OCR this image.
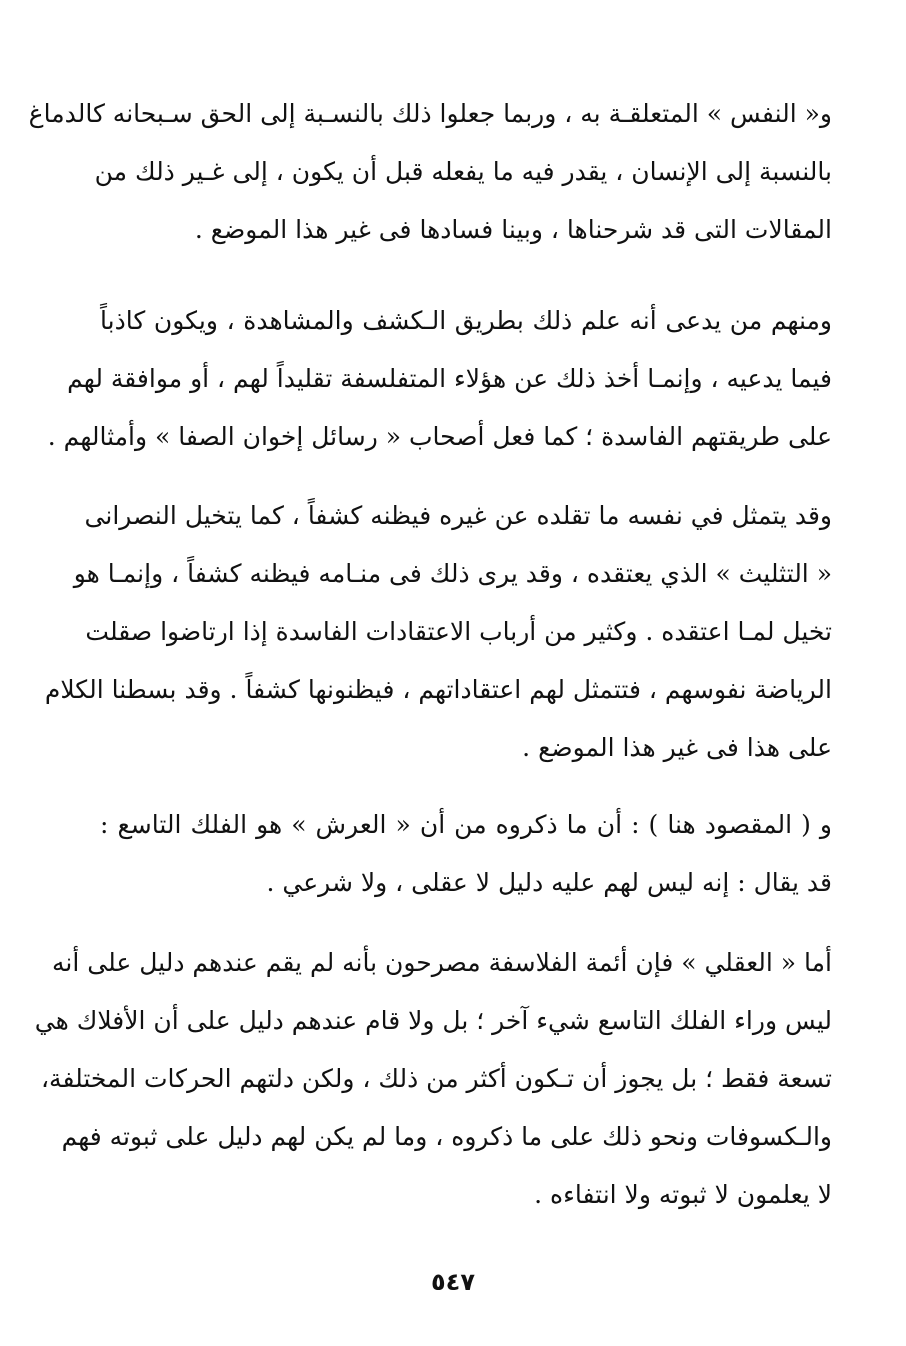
و« النفس » المتعلقـة به ، وربما جعلوا ذلك بالنسـبة إلى الحق سـبحانه كالدماغ
بالنسبة إلى الإنسان ، يقدر فيه ما يفعله قبل أن يكون ، إلى غـير ذلك من
المقالات التى قد شرحناها ، وبينا فسادها فى غير هذا الموضع .
ومنهم من يدعى أنه علم ذلك بطريق الـكشف والمشاهدة ، ويكون كاذباً
فيما يدعيه ، وإنمـا أخذ ذلك عن هؤلاء المتفلسفة تقليداً لهم ، أو موافقة لهم
على طريقتهم الفاسدة ؛ كما فعل أصحاب « رسائل إخوان الصفا » وأمثالهم .
وقد يتمثل في نفسه ما تقلده عن غيره فيظنه كشفاً ، كما يتخيل النصرانى
« التثليث » الذي يعتقده ، وقد يرى ذلك فى منـامه فيظنه كشفاً ، وإنمـا هو
تخيل لمـا اعتقده . وكثير من أرباب الاعتقادات الفاسدة إذا ارتاضوا صقلت
الرياضة نفوسهم ، فتتمثل لهم اعتقاداتهم ، فيظنونها كشفاً . وقد بسطنا الكلام
على هذا فى غير هذا الموضع .
و ( المقصود هنا ) : أن ما ذكروه من أن « العرش » هو الفلك التاسع :
قد يقال : إنه ليس لهم عليه دليل لا عقلى ، ولا شرعي .
أما « العقلي » فإن أئمة الفلاسفة مصرحون بأنه لم يقم عندهم دليل على أنه
ليس وراء الفلك التاسع شيء آخر ؛ بل ولا قام عندهم دليل على أن الأفلاك هي
تسعة فقط ؛ بل يجوز أن تـكون أكثر من ذلك ، ولكن دلتهم الحركات المختلفة،
والـكسوفات ونحو ذلك على ما ذكروه ، وما لم يكن لهم دليل على ثبوته فهم
لا يعلمون لا ثبوته ولا انتفاءه .
٥٤٧
